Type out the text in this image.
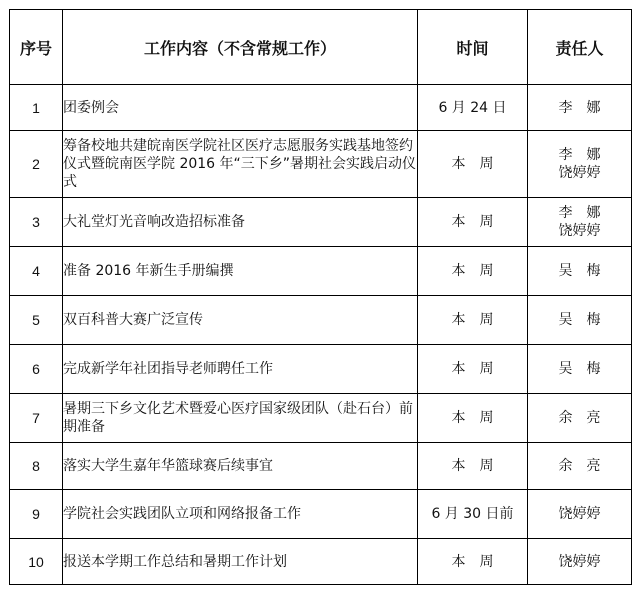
序号	工作内容（不含常规工作）	时间	责任人
1	团委例会	6 月 24 日	李　娜

2	筹备校地共建皖南医学院社区医疗志愿服务实践基地签约仪式暨皖南医学院 2016 年“三下乡”暑期社会实践启动仪式	本　周	李　娜
饶婷婷

3	大礼堂灯光音响改造招标准备	本　周	李　娜
饶婷婷

4	准备 2016 年新生手册编撰	本　周	吴　梅

5	双百科普大赛广泛宣传	本　周	吴　梅

6	完成新学年社团指导老师聘任工作	本　周	吴　梅

7	暑期三下乡文化艺术暨爱心医疗国家级团队（赴石台）前期准备	本　周	余　亮

8	落实大学生嘉年华篮球赛后续事宜	本　周	余　亮

9	学院社会实践团队立项和网络报备工作	6 月 30 日前	饶婷婷

10	报送本学期工作总结和暑期工作计划	本　周	饶婷婷
